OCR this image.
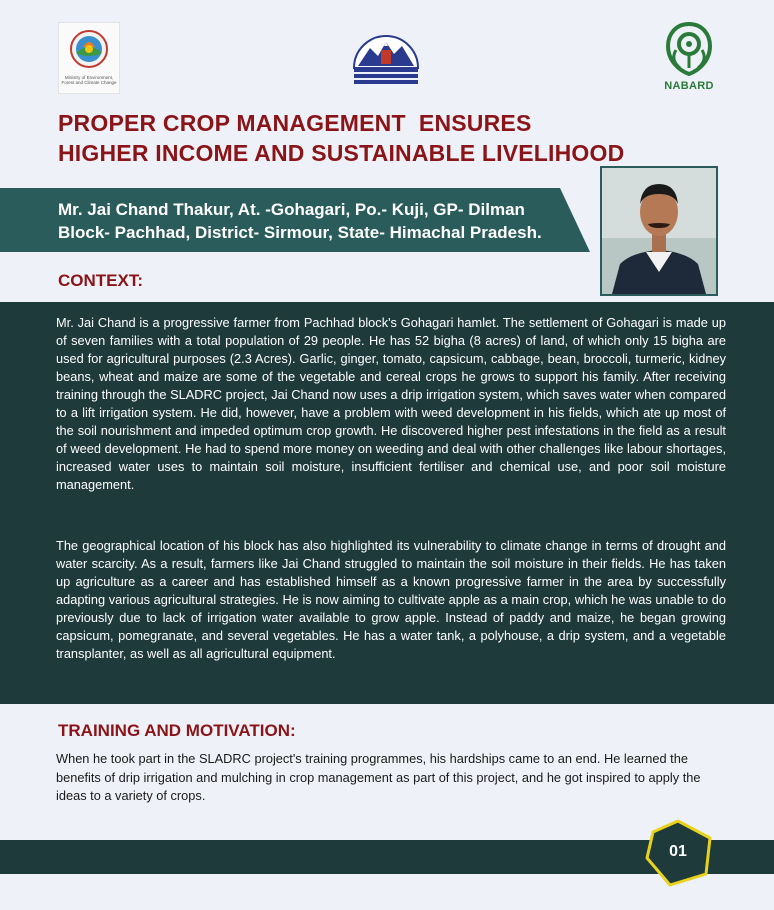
Ministry of Environment, Forest and Climate Change	NABARD
PROPER CROP MANAGEMENT  ENSURES
HIGHER INCOME AND SUSTAINABLE LIVELIHOOD
Mr. Jai Chand Thakur, At. -Gohagari, Po.- Kuji, GP- Dilman
Block- Pachhad, District- Sirmour, State- Himachal Pradesh.
CONTEXT:

Mr. Jai Chand is a progressive farmer from Pachhad block's Gohagari hamlet. The settlement of Gohagari is made up of seven families with a total population of 29 people. He has 52 bigha (8 acres) of land, of which only 15 bigha are used for agricultural purposes (2.3 Acres). Garlic, ginger, tomato, capsicum, cabbage, bean, broccoli, turmeric, kidney beans, wheat and maize are some of the vegetable and cereal crops he grows to support his family. After receiving training through the SLADRC project, Jai Chand now uses a drip irrigation system, which saves water when compared to a lift irrigation system. He did, however, have a problem with weed development in his fields, which ate up most of the soil nourishment and impeded optimum crop growth. He discovered higher pest infestations in the field as a result of weed development. He had to spend more money on weeding and deal with other challenges like labour shortages, increased water uses to maintain soil moisture, insufficient fertiliser and chemical use, and poor soil moisture management.

The geographical location of his block has also highlighted its vulnerability to climate change in terms of drought and water scarcity. As a result, farmers like Jai Chand struggled to maintain the soil moisture in their fields. He has taken up agriculture as a career and has established himself as a known progressive farmer in the area by successfully adapting various agricultural strategies. He is now aiming to cultivate apple as a main crop, which he was unable to do previously due to lack of irrigation water available to grow apple. Instead of paddy and maize, he began growing capsicum, pomegranate, and several vegetables. He has a water tank, a polyhouse, a drip system, and a vegetable transplanter, as well as all agricultural equipment.

TRAINING AND MOTIVATION:

When he took part in the SLADRC project's training programmes, his hardships came to an end. He learned the benefits of drip irrigation and mulching in crop management as part of this project, and he got inspired to apply the ideas to a variety of crops.

01
